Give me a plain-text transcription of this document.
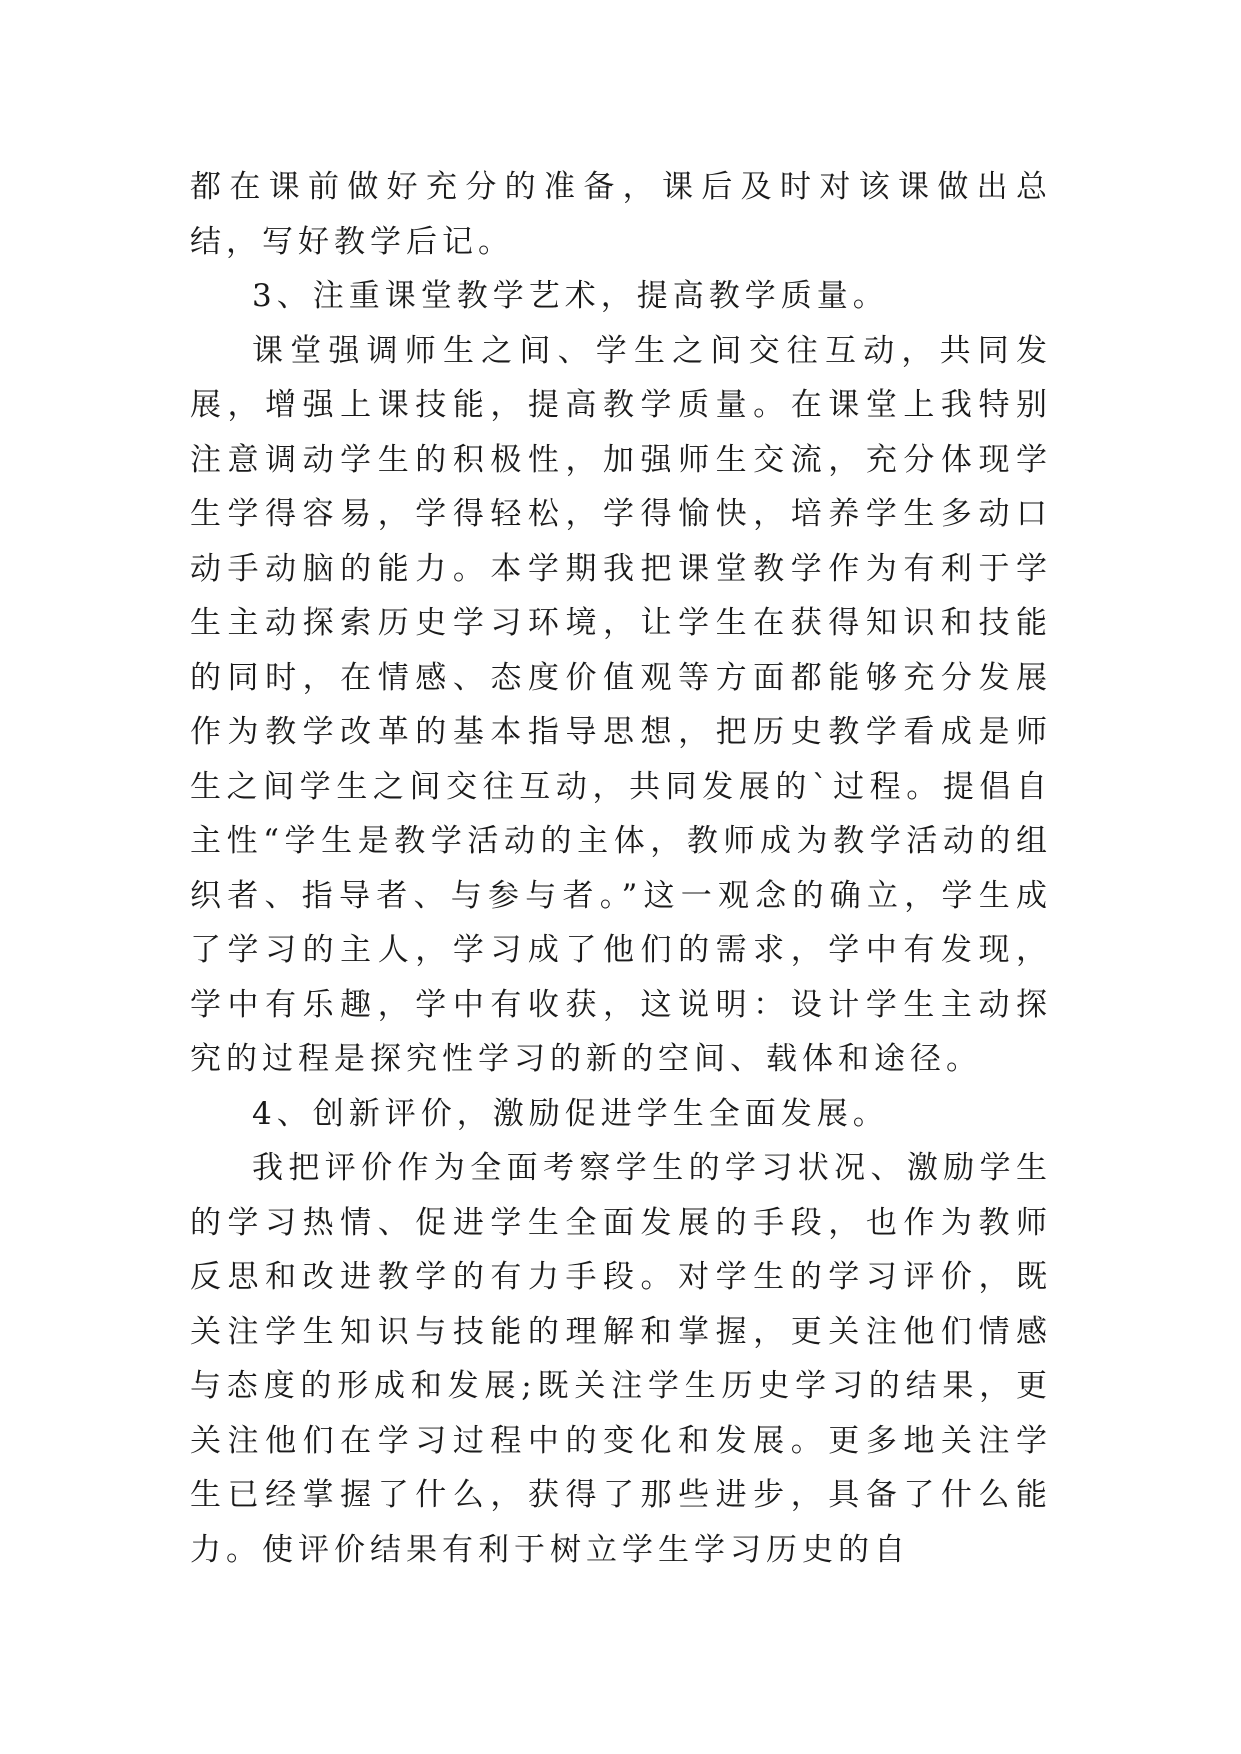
都在课前做好充分的准备，课后及时对该课做出总结，写好教学后记。

3、注重课堂教学艺术，提高教学质量。

课堂强调师生之间、学生之间交往互动，共同发展，增强上课技能，提高教学质量。在课堂上我特别注意调动学生的积极性，加强师生交流，充分体现学生学得容易，学得轻松，学得愉快，培养学生多动口动手动脑的能力。本学期我把课堂教学作为有利于学生主动探索历史学习环境，让学生在获得知识和技能的同时，在情感、态度价值观等方面都能够充分发展作为教学改革的基本指导思想，把历史教学看成是师生之间学生之间交往互动，共同发展的`过程。提倡自主性“学生是教学活动的主体，教师成为教学活动的组织者、指导者、与参与者。”这一观念的确立，学生成了学习的主人，学习成了他们的需求，学中有发现，学中有乐趣，学中有收获，这说明：设计学生主动探究的过程是探究性学习的新的空间、载体和途径。

4、创新评价，激励促进学生全面发展。

我把评价作为全面考察学生的学习状况、激励学生的学习热情、促进学生全面发展的手段，也作为教师反思和改进教学的有力手段。对学生的学习评价，既关注学生知识与技能的理解和掌握，更关注他们情感与态度的形成和发展;既关注学生历史学习的结果，更关注他们在学习过程中的变化和发展。更多地关注学生已经掌握了什么，获得了那些进步，具备了什么能力。使评价结果有利于树立学生学习历史的自
